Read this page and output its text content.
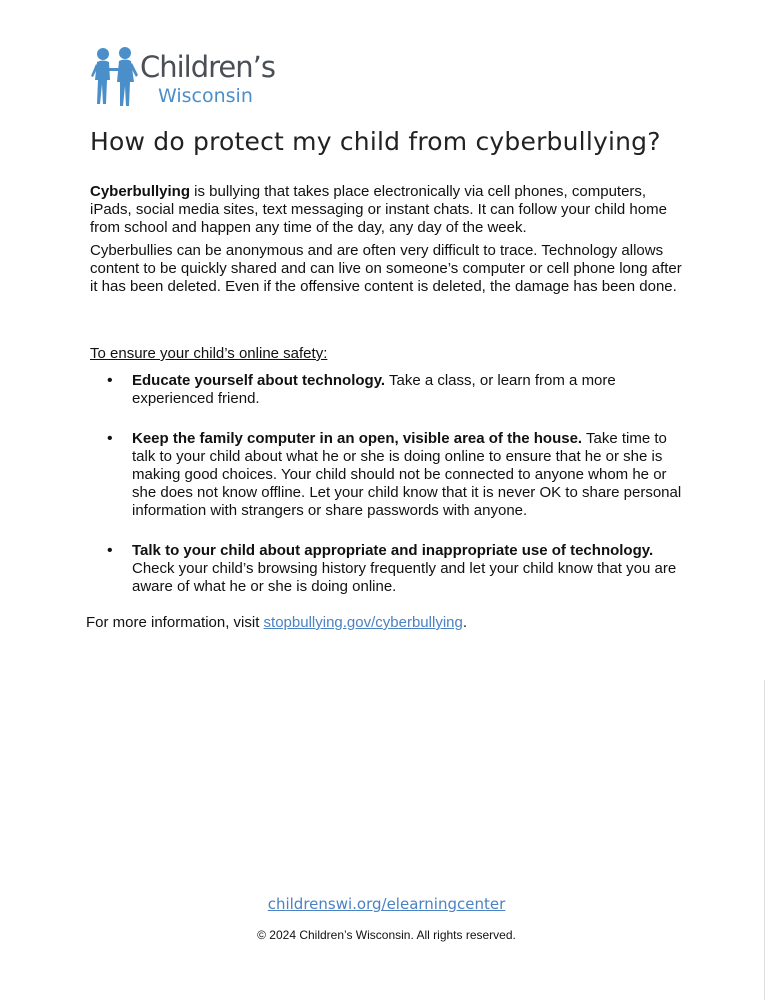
Children’s
Wisconsin
How do protect my child from cyberbullying?

Cyberbullying is bullying that takes place electronically via cell phones, computers, iPads, social media sites, text messaging or instant chats. It can follow your child home from school and happen any time of the day, any day of the week.

Cyberbullies can be anonymous and are often very difficult to trace. Technology allows content to be quickly shared and can live on someone’s computer or cell phone long after it has been deleted. Even if the offensive content is deleted, the damage has been done.

To ensure your child’s online safety:

• Educate yourself about technology. Take a class, or learn from a more experienced friend.
• Keep the family computer in an open, visible area of the house. Take time to talk to your child about what he or she is doing online to ensure that he or she is making good choices. Your child should not be connected to anyone whom he or she does not know offline. Let your child know that it is never OK to share personal information with strangers or share passwords with anyone.
• Talk to your child about appropriate and inappropriate use of technology. Check your child’s browsing history frequently and let your child know that you are aware of what he or she is doing online.

For more information, visit stopbullying.gov/cyberbullying.

childrenswi.org/elearningcenter
© 2024 Children’s Wisconsin. All rights reserved.
